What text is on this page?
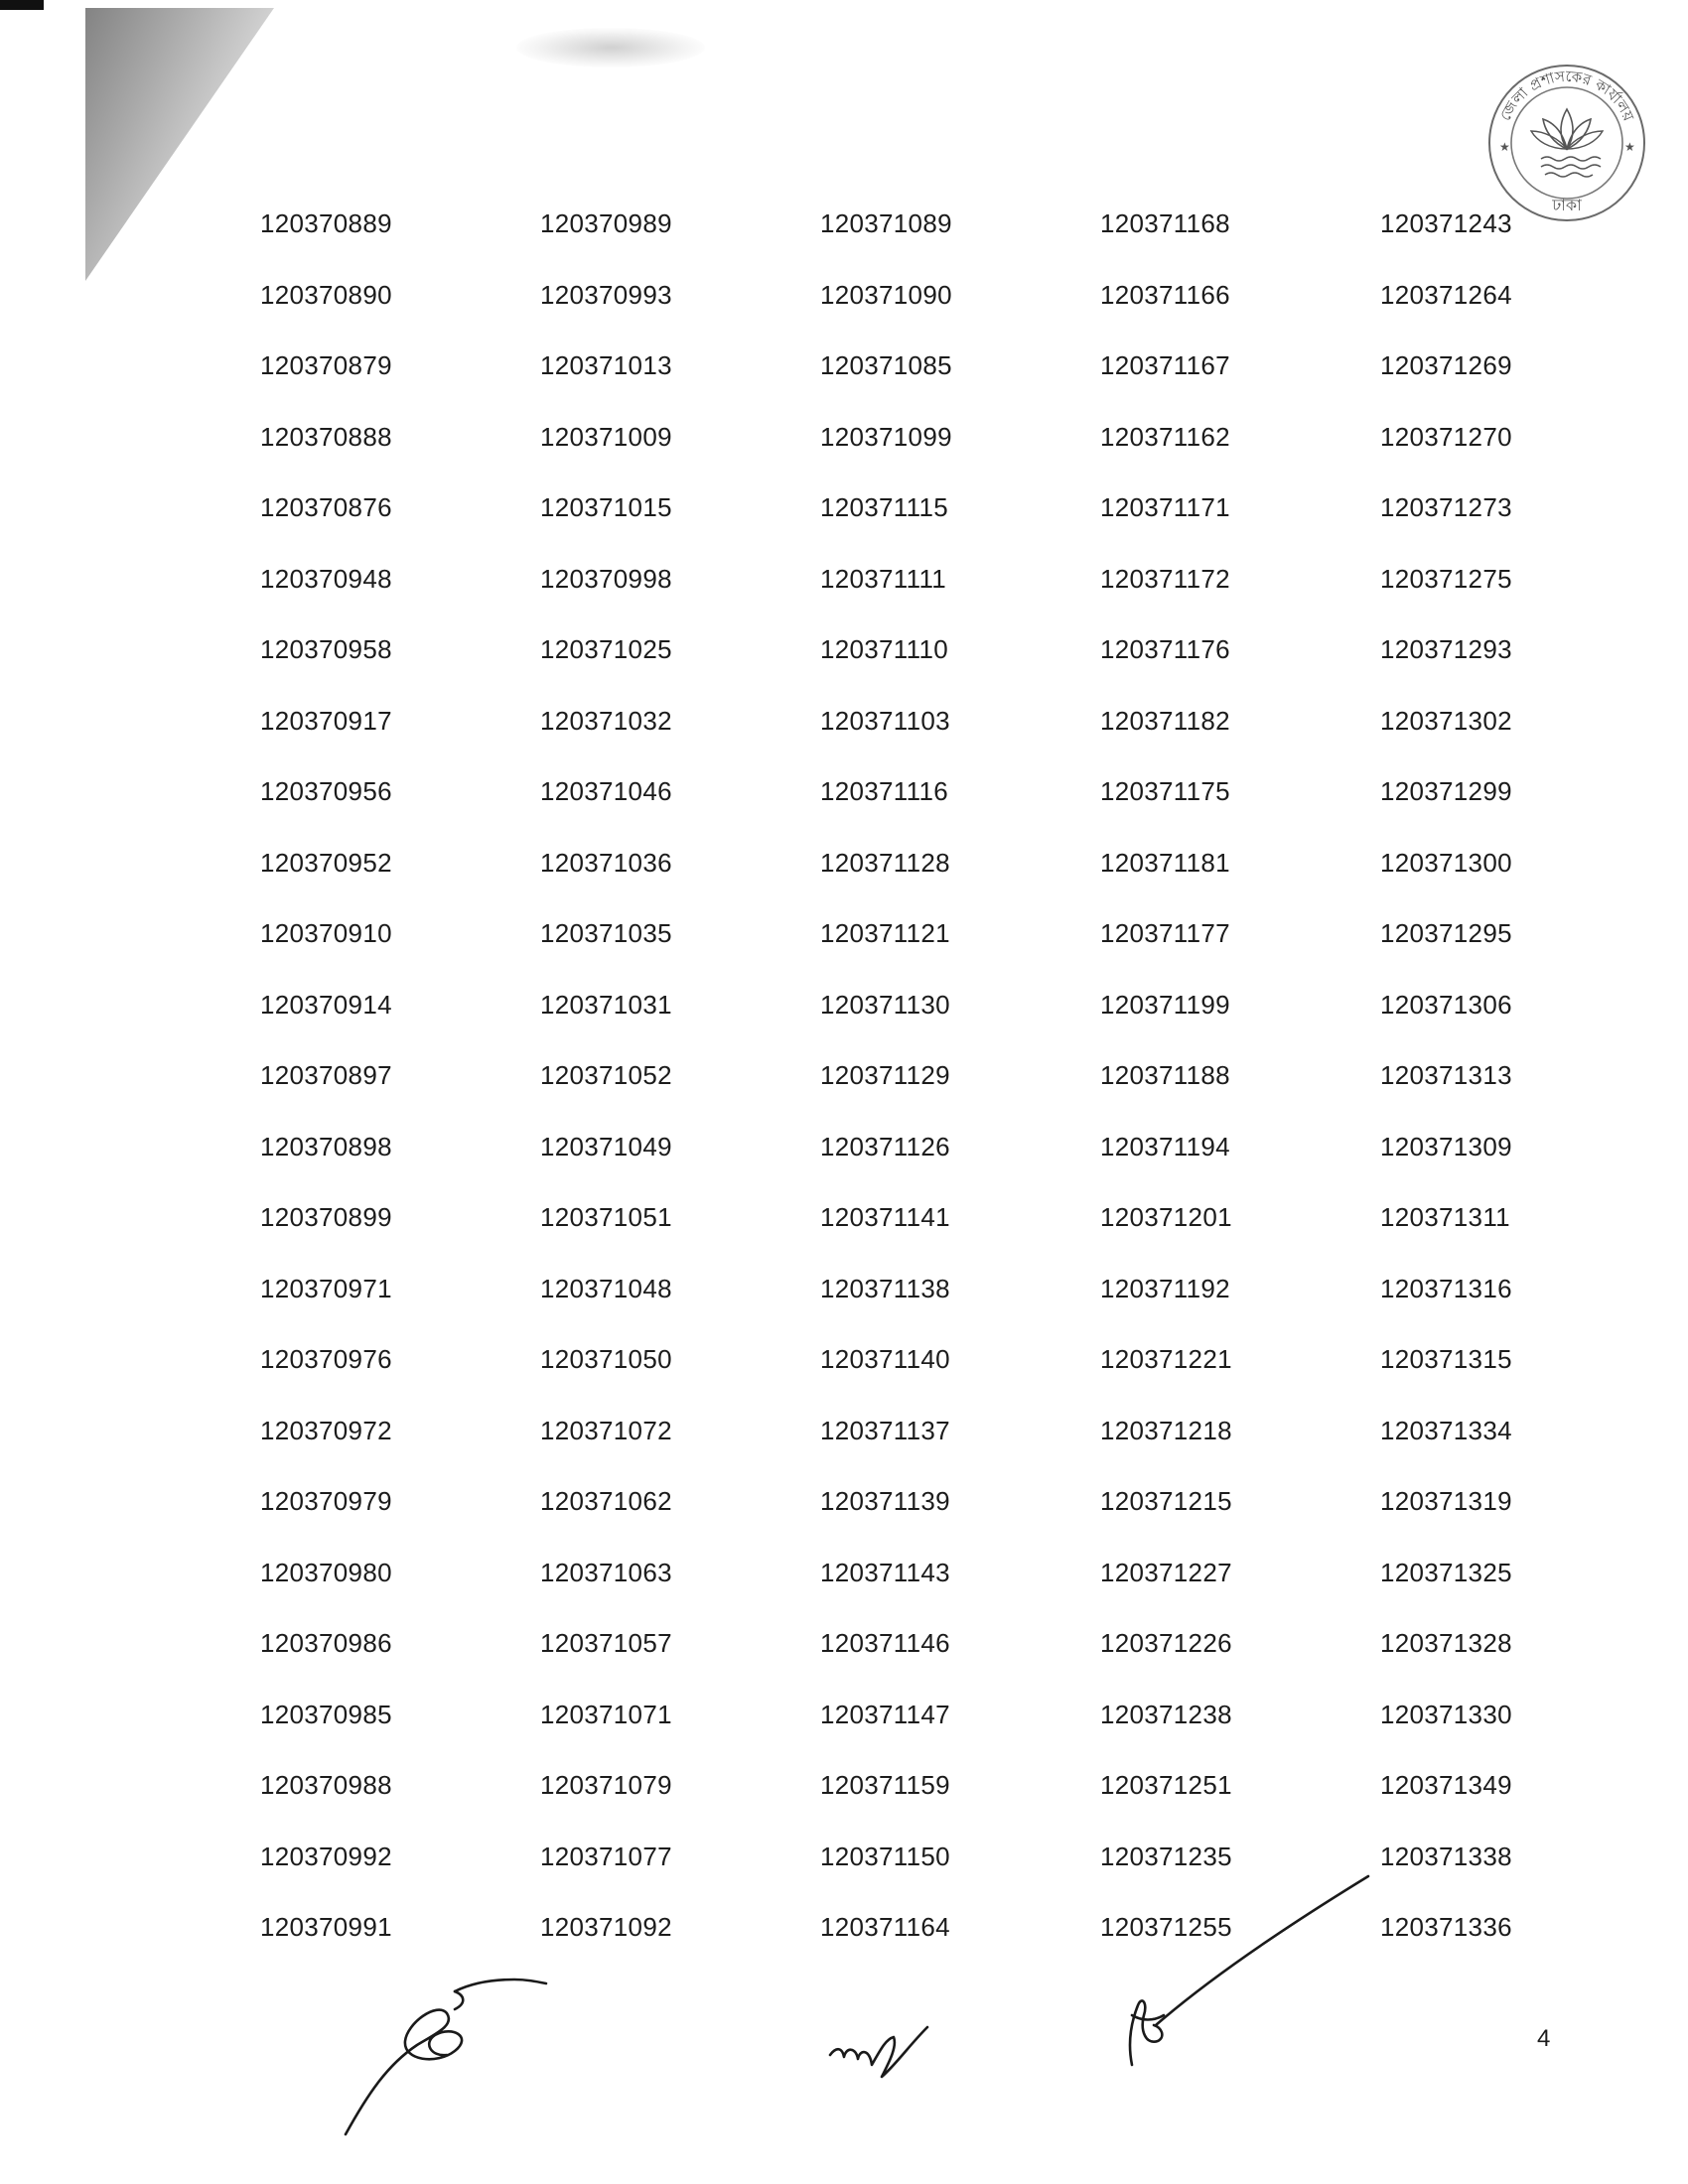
★	★
জেলা প্রশাসকের কার্যালয়
ঢাকা
120370889	120370989	120371089	120371168	120371243
120370890	120370993	120371090	120371166	120371264
120370879	120371013	120371085	120371167	120371269
120370888	120371009	120371099	120371162	120371270
120370876	120371015	120371115	120371171	120371273
120370948	120370998	120371111	120371172	120371275
120370958	120371025	120371110	120371176	120371293
120370917	120371032	120371103	120371182	120371302
120370956	120371046	120371116	120371175	120371299
120370952	120371036	120371128	120371181	120371300
120370910	120371035	120371121	120371177	120371295
120370914	120371031	120371130	120371199	120371306
120370897	120371052	120371129	120371188	120371313
120370898	120371049	120371126	120371194	120371309
120370899	120371051	120371141	120371201	120371311
120370971	120371048	120371138	120371192	120371316
120370976	120371050	120371140	120371221	120371315
120370972	120371072	120371137	120371218	120371334
120370979	120371062	120371139	120371215	120371319
120370980	120371063	120371143	120371227	120371325
120370986	120371057	120371146	120371226	120371328
120370985	120371071	120371147	120371238	120371330
120370988	120371079	120371159	120371251	120371349
120370992	120371077	120371150	120371235	120371338
120370991	120371092	120371164	120371255	120371336
4
